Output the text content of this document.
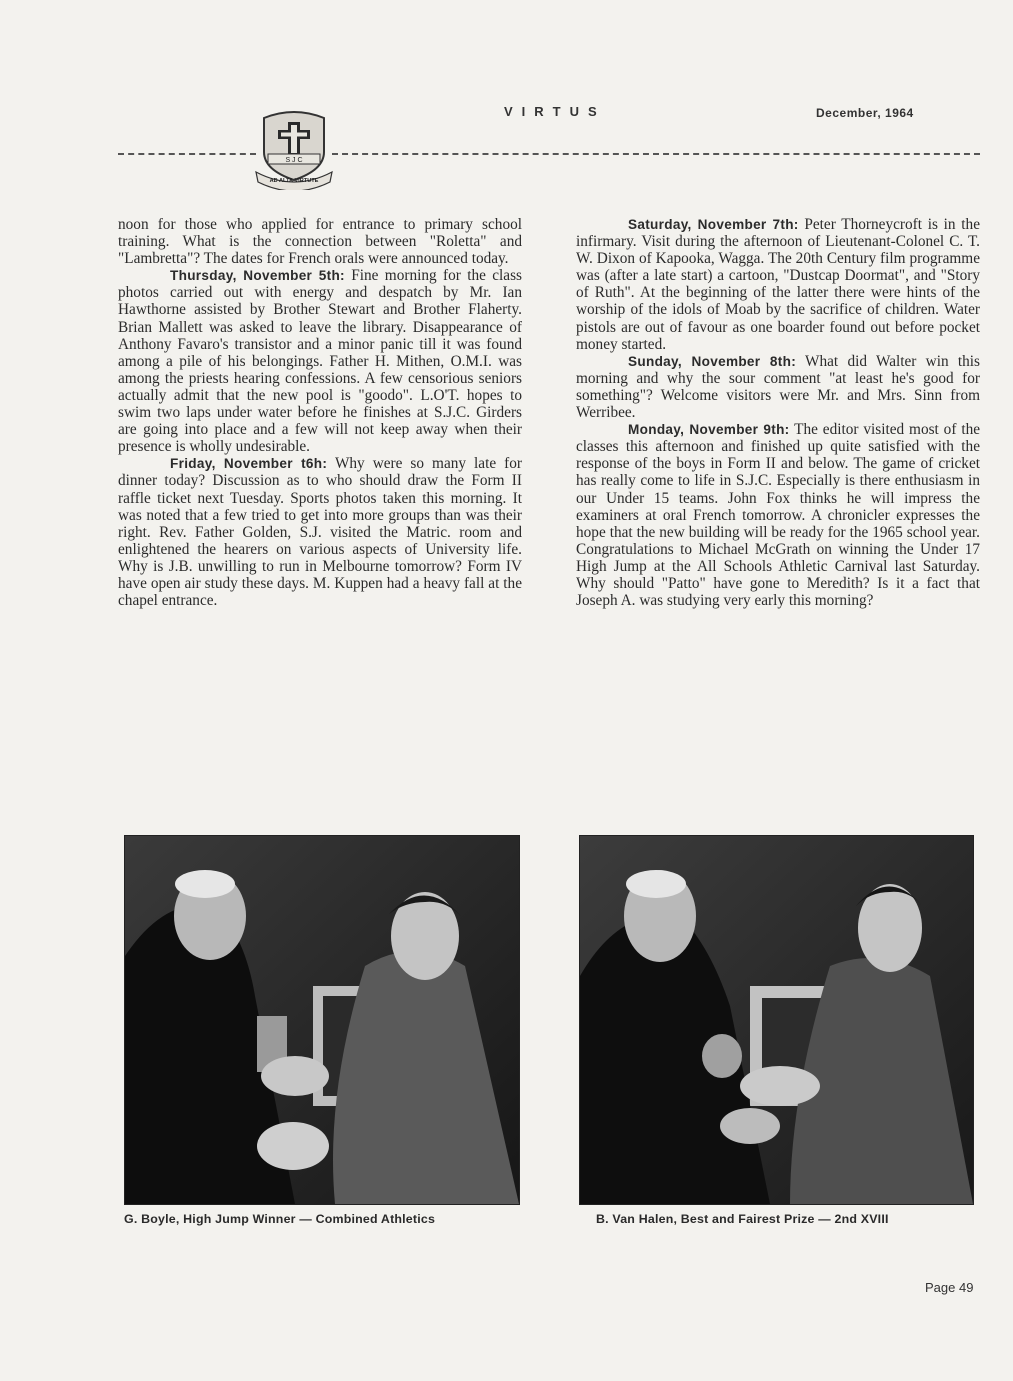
VIRTUS	December, 1964
S J C
AD ALTA VIRTUTE

noon for those who applied for entrance to primary school training. What is the connection between "Roletta" and "Lambretta"? The dates for French orals were announced today.

Thursday, November 5th: Fine morning for the class photos carried out with energy and despatch by Mr. Ian Hawthorne assisted by Brother Stewart and Brother Flaherty. Brian Mallett was asked to leave the library. Disappearance of Anthony Favaro's transistor and a minor panic till it was found among a pile of his belongings. Father H. Mithen, O.M.I. was among the priests hearing confessions. A few censorious seniors actually admit that the new pool is "goodo". L.O'T. hopes to swim two laps under water before he finishes at S.J.C. Girders are going into place and a few will not keep away when their presence is wholly undesirable.

Friday, November t6h: Why were so many late for dinner today? Discussion as to who should draw the Form II raffle ticket next Tuesday. Sports photos taken this morning. It was noted that a few tried to get into more groups than was their right. Rev. Father Golden, S.J. visited the Matric. room and enlightened the hearers on various aspects of University life. Why is J.B. unwilling to run in Melbourne tomorrow? Form IV have open air study these days. M. Kuppen had a heavy fall at the chapel entrance.

Saturday, November 7th: Peter Thorneycroft is in the infirmary. Visit during the afternoon of Lieutenant-Colonel C. T. W. Dixon of Kapooka, Wagga. The 20th Century film programme was (after a late start) a cartoon, "Dustcap Doormat", and "Story of Ruth". At the beginning of the latter there were hints of the worship of the idols of Moab by the sacrifice of children. Water pistols are out of favour as one boarder found out before pocket money started.

Sunday, November 8th: What did Walter win this morning and why the sour comment "at least he's good for something"? Welcome visitors were Mr. and Mrs. Sinn from Werribee.

Monday, November 9th: The editor visited most of the classes this afternoon and finished up quite satisfied with the response of the boys in Form II and below. The game of cricket has really come to life in S.J.C. Especially is there enthusiasm in our Under 15 teams. John Fox thinks he will impress the examiners at oral French tomorrow. A chronicler expresses the hope that the new building will be ready for the 1965 school year. Congratulations to Michael McGrath on winning the Under 17 High Jump at the All Schools Athletic Carnival last Saturday. Why should "Patto" have gone to Meredith? Is it a fact that Joseph A. was studying very early this morning?

G. Boyle, High Jump Winner — Combined Athletics	B. Van Halen, Best and Fairest Prize — 2nd XVIII
Page 49
